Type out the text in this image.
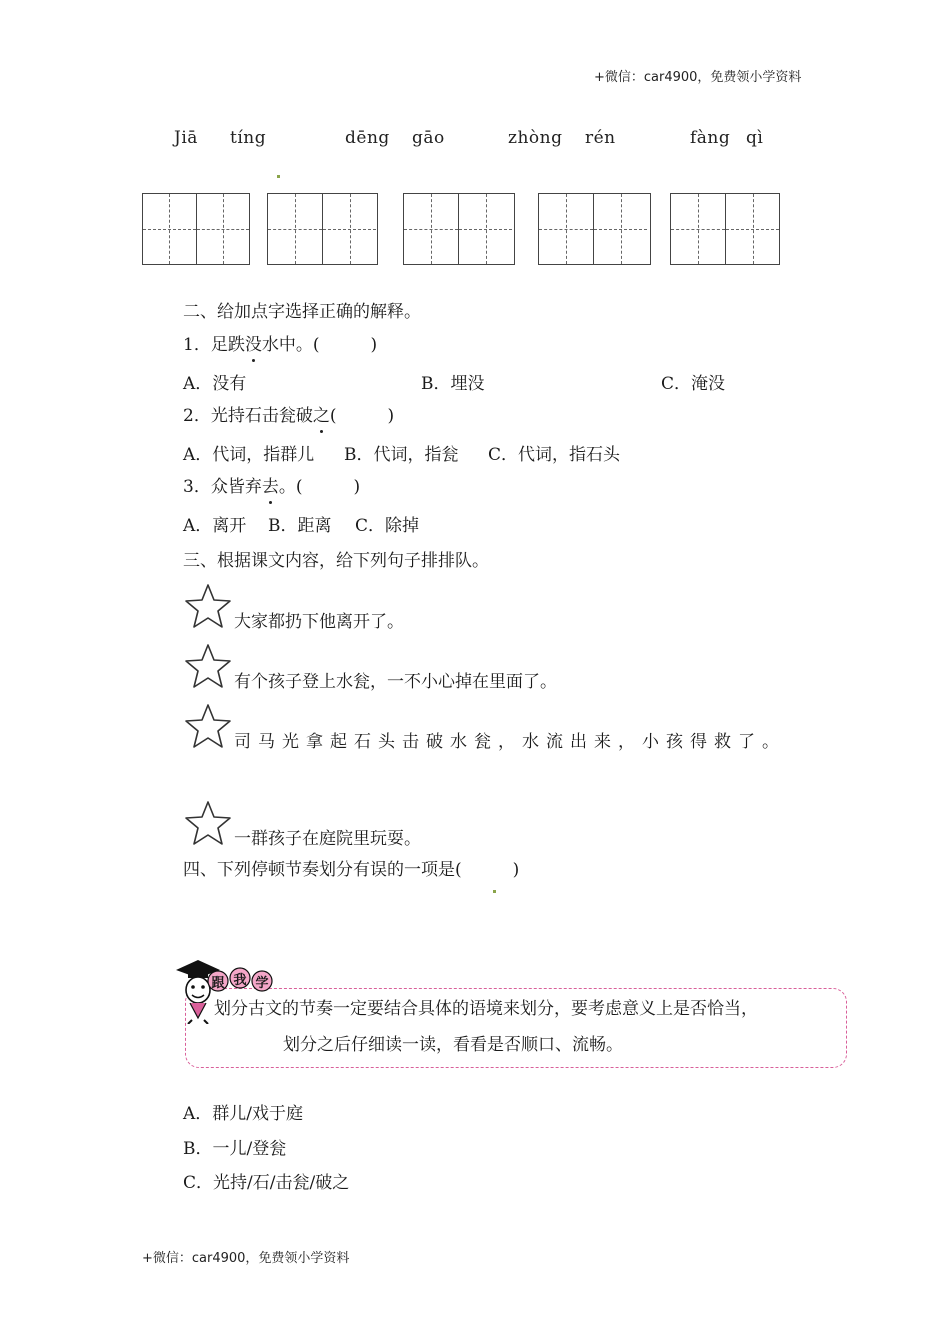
+微信：car4900，免费领小学资料
Jiā tíng	dēng gāo	zhòng rén	fàng qì
二、给加点字选择正确的解释。
1．足跌没水中。(　　　)
A．没有	B．埋没	C．淹没
2．光持石击瓮破之(　　　)
A．代词，指群儿 B．代词，指瓮 C．代词，指石头
3．众皆弃去。(　　　)
A．离开 B．距离 C．除掉
三、根据课文内容，给下列句子排排队。
大家都扔下他离开了。
有个孩子登上水瓮，一不小心掉在里面了。
司马光拿起石头击破水瓮，水流出来，小孩得救了。
一群孩子在庭院里玩耍。
四、下列停顿节奏划分有误的一项是(　　　)
跟 我 学
划分古文的节奏一定要结合具体的语境来划分，要考虑意义上是否恰当，
划分之后仔细读一读，看看是否顺口、流畅。
A．群儿/戏于庭
B．一儿/登瓮
C．光持/石/击瓮/破之
+微信：car4900，免费领小学资料
